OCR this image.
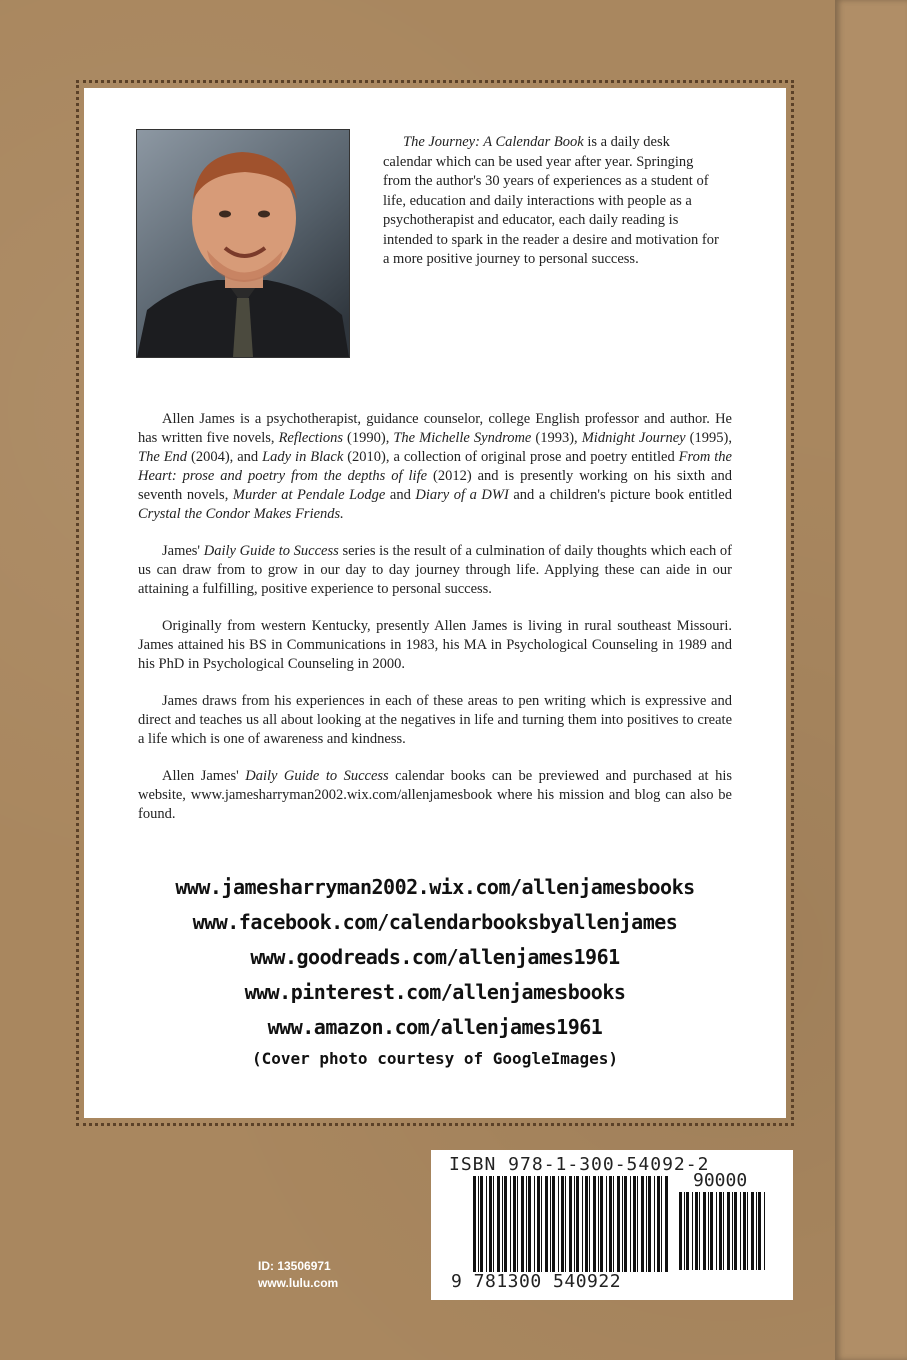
The Journey: A Calendar Book is a daily desk calendar which can be used year after year. Springing from the author's 30 years of experiences as a student of life, education and daily interactions with people as a psychotherapist and educator, each daily reading is intended to spark in the reader a desire and motivation for a more positive journey to personal success.

Allen James is a psychotherapist, guidance counselor, college English professor and author. He has written five novels, Reflections (1990), The Michelle Syndrome (1993), Midnight Journey (1995), The End (2004), and Lady in Black (2010), a collection of original prose and poetry entitled From the Heart: prose and poetry from the depths of life (2012) and is presently working on his sixth and seventh novels, Murder at Pendale Lodge and Diary of a DWI and a children's picture book entitled Crystal the Condor Makes Friends.

James' Daily Guide to Success series is the result of a culmination of daily thoughts which each of us can draw from to grow in our day to day journey through life. Applying these can aide in our attaining a fulfilling, positive experience to personal success.

Originally from western Kentucky, presently Allen James is living in rural southeast Missouri. James attained his BS in Communications in 1983, his MA in Psychological Counseling in 1989 and his PhD in Psychological Counseling in 2000.

James draws from his experiences in each of these areas to pen writing which is expressive and direct and teaches us all about looking at the negatives in life and turning them into positives to create a life which is one of awareness and kindness.

Allen James' Daily Guide to Success calendar books can be previewed and purchased at his website, www.jamesharryman2002.wix.com/allenjamesbook where his mission and blog can also be found.

www.jamesharryman2002.wix.com/allenjamesbooks
www.facebook.com/calendarbooksbyallenjames
www.goodreads.com/allenjames1961
www.pinterest.com/allenjamesbooks
www.amazon.com/allenjames1961
(Cover photo courtesy of GoogleImages)
ID: 13506971
www.lulu.com
ISBN 978-1-300-54092-2
90000
9 781300 540922
